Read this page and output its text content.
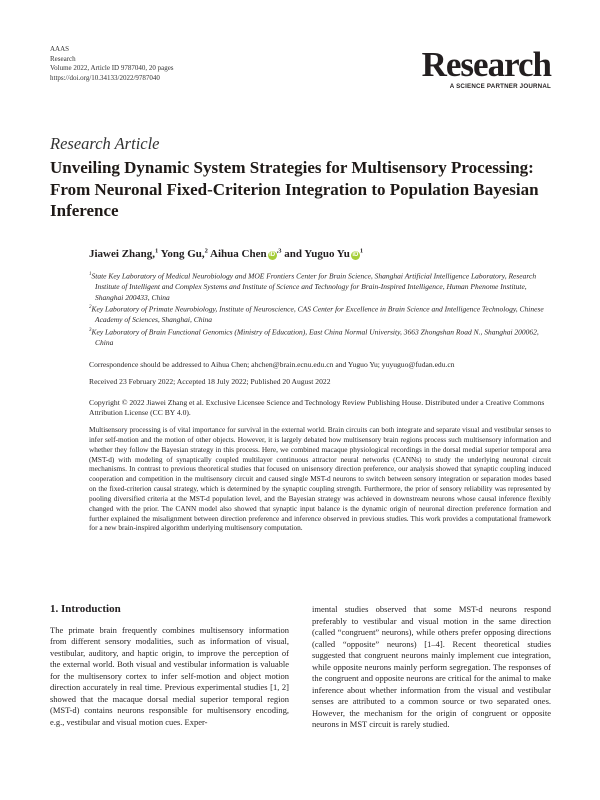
AAAS
Research
Volume 2022, Article ID 9787040, 20 pages
https://doi.org/10.34133/2022/9787040	Research
A SCIENCE PARTNER JOURNAL
Research Article
Unveiling Dynamic System Strategies for Multisensory Processing: From Neuronal Fixed-Criterion Integration to Population Bayesian Inference
Jiawei Zhang,$^1$ Yong Gu,$^2$ Aihua Chen $iD^{,3}$ and Yuguo Yu $iD^1$
$^1$State Key Laboratory of Medical Neurobiology and MOE Frontiers Center for Brain Science, Shanghai Artificial Intelligence Laboratory, Research Institute of Intelligent and Complex Systems and Institute of Science and Technology for Brain-Inspired Intelligence, Human Phenome Institute, Shanghai 200433, China
$^2$Key Laboratory of Primate Neurobiology, Institute of Neuroscience, CAS Center for Excellence in Brain Science and Intelligence Technology, Chinese Academy of Sciences, Shanghai, China
$^3$Key Laboratory of Brain Functional Genomics (Ministry of Education), East China Normal University, 3663 Zhongshan Road N., Shanghai 200062, China
Correspondence should be addressed to Aihua Chen; ahchen@brain.ecnu.edu.cn and Yuguo Yu; yuyuguo@fudan.edu.cn
Received 23 February 2022; Accepted 18 July 2022; Published 20 August 2022
Copyright © 2022 Jiawei Zhang et al. Exclusive Licensee Science and Technology Review Publishing House. Distributed under a Creative Commons Attribution License (CC BY 4.0).
Multisensory processing is of vital importance for survival in the external world. Brain circuits can both integrate and separate visual and vestibular senses to infer self-motion and the motion of other objects. However, it is largely debated how multisensory brain regions process such multisensory information and whether they follow the Bayesian strategy in this process. Here, we combined macaque physiological recordings in the dorsal medial superior temporal area (MST-d) with modeling of synaptically coupled multilayer continuous attractor neural networks (CANNs) to study the underlying neuronal circuit mechanisms. In contrast to previous theoretical studies that focused on unisensory direction preference, our analysis showed that synaptic coupling induced cooperation and competition in the multisensory circuit and caused single MST-d neurons to switch between sensory integration or separation modes based on the fixed-criterion causal strategy, which is determined by the synaptic coupling strength. Furthermore, the prior of sensory reliability was represented by pooling diversified criteria at the MST-d population level, and the Bayesian strategy was achieved in downstream neurons whose causal inference flexibly changed with the prior. The CANN model also showed that synaptic input balance is the dynamic origin of neuronal direction preference formation and further explained the misalignment between direction preference and inference observed in previous studies. This work provides a computational framework for a new brain-inspired algorithm underlying multisensory computation.
1. Introduction

The primate brain frequently combines multisensory information from different sensory modalities, such as information of visual, vestibular, auditory, and haptic origin, to improve the perception of the external world. Both visual and vestibular information is valuable for the multisensory cortex to infer self-motion and object motion direction accurately in real time. Previous experimental studies [1, 2] showed that the macaque dorsal medial superior temporal region (MST-d) contains neurons responsible for multisensory encoding, e.g., vestibular and visual motion cues. Exper-

imental studies observed that some MST-d neurons respond preferably to vestibular and visual motion in the same direction (called “congruent” neurons), while others prefer opposing directions (called “opposite” neurons) [1–4]. Recent theoretical studies suggested that congruent neurons mainly implement cue integration, while opposite neurons mainly perform segregation. The responses of the congruent and opposite neurons are critical for the animal to make inference about whether information from the visual and vestibular senses are attributed to a common source or two separated ones. However, the mechanism for the origin of congruent or opposite neurons in MST circuit is rarely studied.
